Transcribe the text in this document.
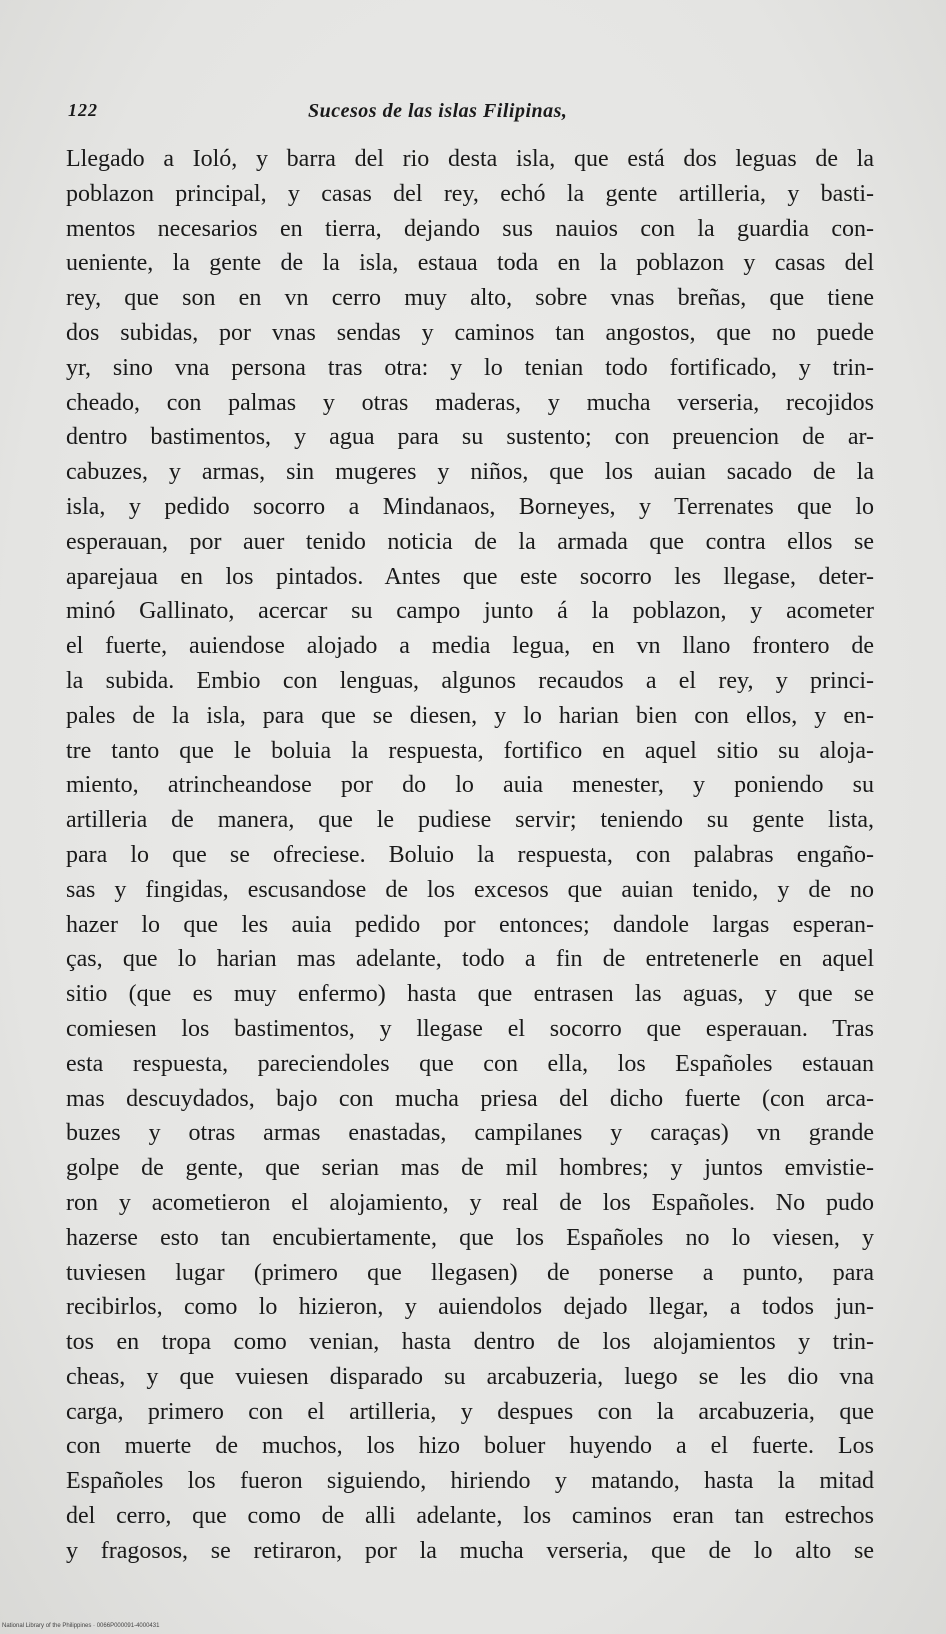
122	Sucesos de las islas Filipinas,
Llegado a Ioló, y barra del rio desta isla, que está dos leguas de la
poblazon principal, y casas del rey, echó la gente artilleria, y basti-
mentos necesarios en tierra, dejando sus nauios con la guardia con-
ueniente, la gente de la isla, estaua toda en la poblazon y casas del
rey, que son en vn cerro muy alto, sobre vnas breñas, que tiene
dos subidas, por vnas sendas y caminos tan angostos, que no puede
yr, sino vna persona tras otra: y lo tenian todo fortificado, y trin-
cheado, con palmas y otras maderas, y mucha verseria, recojidos
dentro bastimentos, y agua para su sustento; con preuencion de ar-
cabuzes, y armas, sin mugeres y niños, que los auian sacado de la
isla, y pedido socorro a Mindanaos, Borneyes, y Terrenates que lo
esperauan, por auer tenido noticia de la armada que contra ellos se
aparejaua en los pintados. Antes que este socorro les llegase, deter-
minó Gallinato, acercar su campo junto á la poblazon, y acometer
el fuerte, auiendose alojado a media legua, en vn llano frontero de
la subida. Embio con lenguas, algunos recaudos a el rey, y princi-
pales de la isla, para que se diesen, y lo harian bien con ellos, y en-
tre tanto que le boluia la respuesta, fortifico en aquel sitio su aloja-
miento, atrincheandose por do lo auia menester, y poniendo su
artilleria de manera, que le pudiese servir; teniendo su gente lista,
para lo que se ofreciese. Boluio la respuesta, con palabras engaño-
sas y fingidas, escusandose de los excesos que auian tenido, y de no
hazer lo que les auia pedido por entonces; dandole largas esperan-
ças, que lo harian mas adelante, todo a fin de entretenerle en aquel
sitio (que es muy enfermo) hasta que entrasen las aguas, y que se
comiesen los bastimentos, y llegase el socorro que esperauan. Tras
esta respuesta, pareciendoles que con ella, los Españoles estauan
mas descuydados, bajo con mucha priesa del dicho fuerte (con arca-
buzes y otras armas enastadas, campilanes y caraças) vn grande
golpe de gente, que serian mas de mil hombres; y juntos emvistie-
ron y acometieron el alojamiento, y real de los Españoles. No pudo
hazerse esto tan encubiertamente, que los Españoles no lo viesen, y
tuviesen lugar (primero que llegasen) de ponerse a punto, para
recibirlos, como lo hizieron, y auiendolos dejado llegar, a todos jun-
tos en tropa como venian, hasta dentro de los alojamientos y trin-
cheas, y que vuiesen disparado su arcabuzeria, luego se les dio vna
carga, primero con el artilleria, y despues con la arcabuzeria, que
con muerte de muchos, los hizo boluer huyendo a el fuerte. Los
Españoles los fueron siguiendo, hiriendo y matando, hasta la mitad
del cerro, que como de alli adelante, los caminos eran tan estrechos
y fragosos, se retiraron, por la mucha verseria, que de lo alto se
National Library of the Philippines · 0066P000091-4000431
